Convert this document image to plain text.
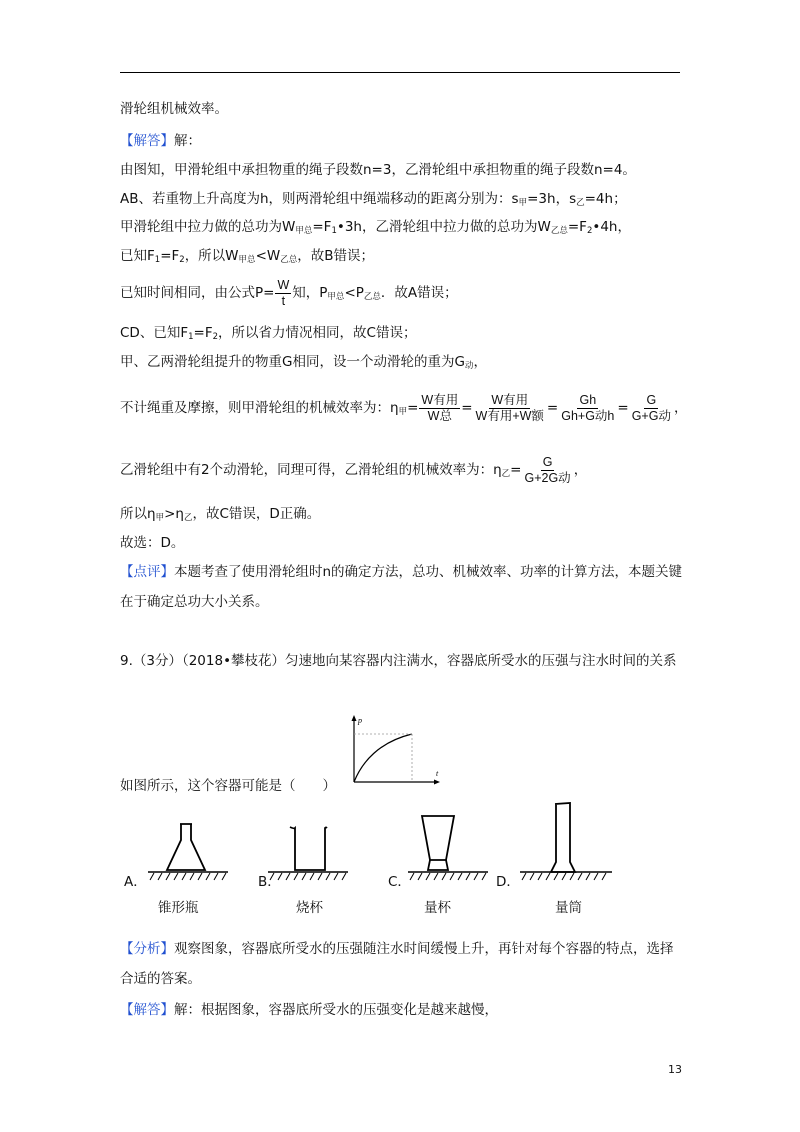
滑轮组机械效率。
【解答】解：
由图知，甲滑轮组中承担物重的绳子段数n=3，乙滑轮组中承担物重的绳子段数n=4。
AB、若重物上升高度为h，则两滑轮组中绳端移动的距离分别为：$s_甲=3h$，$s_乙=4h$；
甲滑轮组中拉力做的总功为$W_{甲总}=F_1•3h$，乙滑轮组中拉力做的总功为$W_{乙总}=F_2•4h$，
已知$F_1=F_2$，所以$W_{甲总}<W_{乙总}$，故B错误；
已知时间相同，由公式$P= \frac{W}{t}$ 知，$P_{甲总}<P_{乙总}$．故A错误；
CD、已知$F_1=F_2$，所以省力情况相同，故C错误；
甲、乙两滑轮组提升的物重G相同，设一个动滑轮的重为$G_动$，
不计绳重及摩擦，则甲滑轮组的机械效率为：$\eta_甲= \frac{\text{W有用}}{\text{W总}} = \frac{\text{W有用}}{\text{W有用+W额}} = \frac{Gh}{\text{Gh+G动h}} = \frac{G}{\text{G+G动}}$ ，
乙滑轮组中有2个动滑轮，同理可得，乙滑轮组的机械效率为：$\eta_乙= \frac{G}{\text{G+2G动}}$ ，
所以$\eta_甲>\eta_乙$，故C错误，D正确。
故选：D。
【点评】本题考查了使用滑轮组时n的确定方法，总功、机械效率、功率的计算方法，本题关键
在于确定总功大小关系。
9.（3分）（2018•攀枝花）匀速地向某容器内注满水，容器底所受水的压强与注水时间的关系
p
t
如图所示，这个容器可能是（　　）
A．	B．	C．	D．
锥形瓶	烧杯	量杯	量筒
【分析】观察图象，容器底所受水的压强随注水时间缓慢上升，再针对每个容器的特点，选择
合适的答案。
【解答】解：根据图象，容器底所受水的压强变化是越来越慢，
13
